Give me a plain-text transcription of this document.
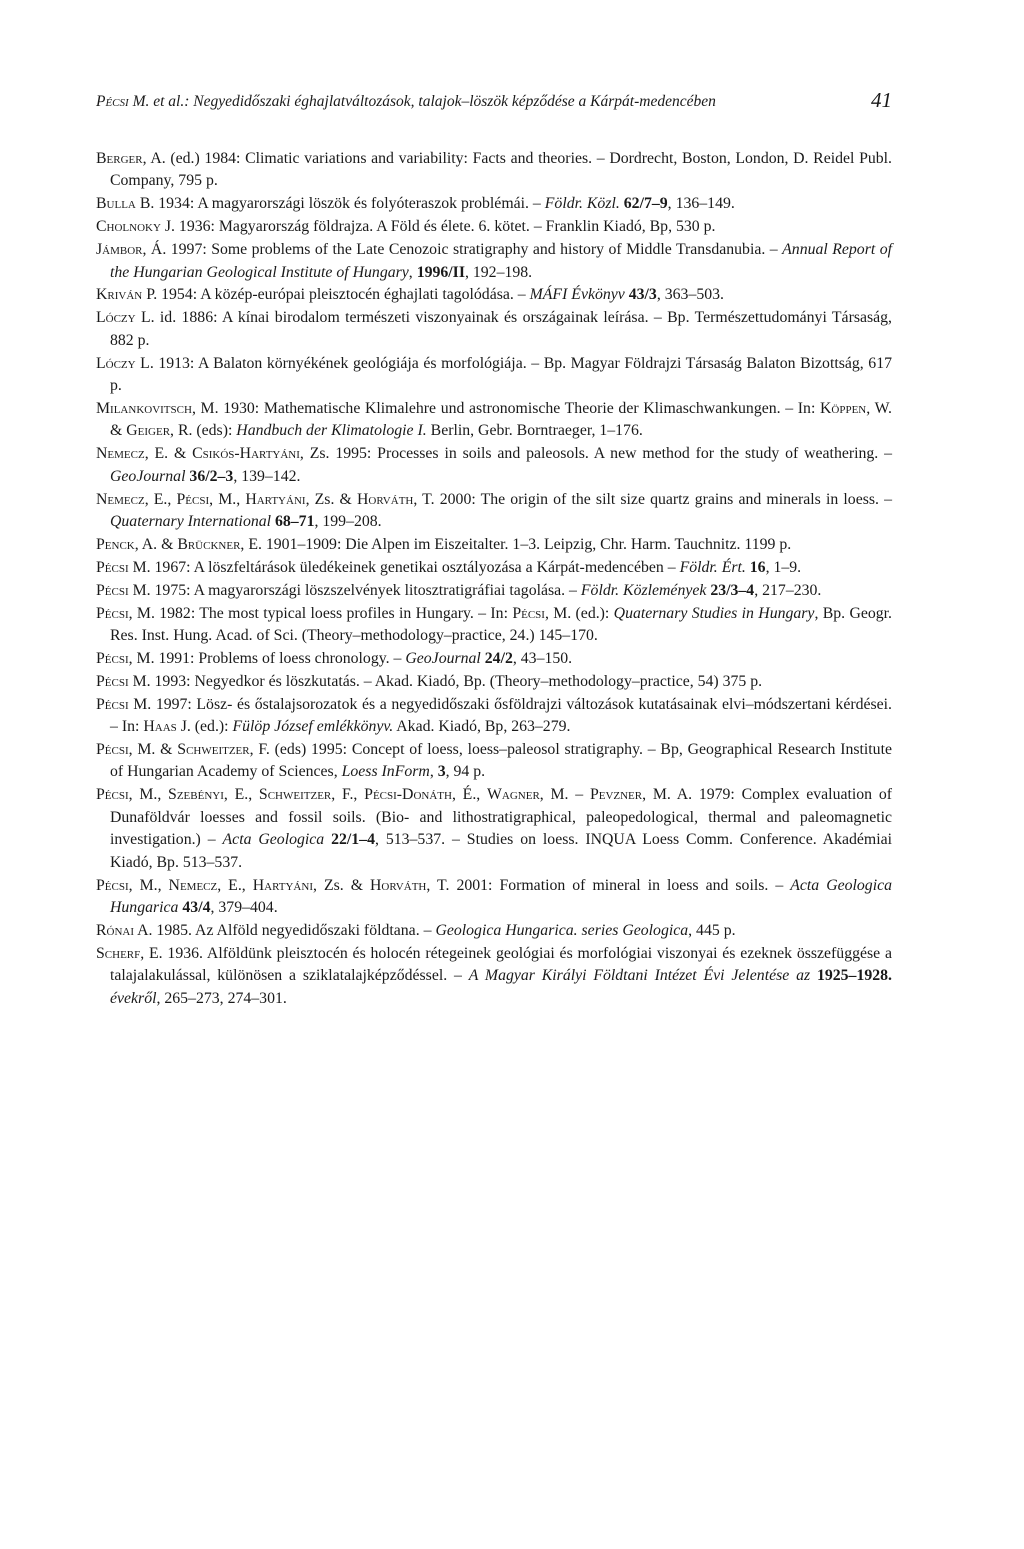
Pécsi M. et al.: Negyedidőszaki éghajlatváltozások, talajok–löszök képződése a Kárpát-medencében	41
Berger, A. (ed.) 1984: Climatic variations and variability: Facts and theories. – Dordrecht, Boston, London, D. Reidel Publ. Company, 795 p.
Bulla B. 1934: A magyarországi löszök és folyóteraszok problémái. – Földr. Közl. 62/7–9, 136–149.
Cholnoky J. 1936: Magyarország földrajza. A Föld és élete. 6. kötet. – Franklin Kiadó, Bp, 530 p.
Jámbor, Á. 1997: Some problems of the Late Cenozoic stratigraphy and history of Middle Transdanubia. – Annual Report of the Hungarian Geological Institute of Hungary, 1996/II, 192–198.
Kriván P. 1954: A közép-európai pleisztocén éghajlati tagolódása. – MÁFI Évkönyv 43/3, 363–503.
Lóczy L. id. 1886: A kínai birodalom természeti viszonyainak és országainak leírása. – Bp. Természettudományi Társaság, 882 p.
Lóczy L. 1913: A Balaton környékének geológiája és morfológiája. – Bp. Magyar Földrajzi Társaság Balaton Bizottság, 617 p.
Milankovitsch, M. 1930: Mathematische Klimalehre und astronomische Theorie der Klimaschwankungen. – In: Köppen, W. & Geiger, R. (eds): Handbuch der Klimatologie I. Berlin, Gebr. Borntraeger, 1–176.
Nemecz, E. & Csikós-Hartyáni, Zs. 1995: Processes in soils and paleosols. A new method for the study of weathering. – GeoJournal 36/2–3, 139–142.
Nemecz, E., Pécsi, M., Hartyáni, Zs. & Horváth, T. 2000: The origin of the silt size quartz grains and minerals in loess. – Quaternary International 68–71, 199–208.
Penck, A. & Brückner, E. 1901–1909: Die Alpen im Eiszeitalter. 1–3. Leipzig, Chr. Harm. Tauchnitz. 1199 p.
Pécsi M. 1967: A löszfeltárások üledékeinek genetikai osztályozása a Kárpát-medencében – Földr. Ért. 16, 1–9.
Pécsi M. 1975: A magyarországi löszszelvények litosztratigráfiai tagolása. – Földr. Közlemények 23/3–4, 217–230.
Pécsi, M. 1982: The most typical loess profiles in Hungary. – In: Pécsi, M. (ed.): Quaternary Studies in Hungary, Bp. Geogr. Res. Inst. Hung. Acad. of Sci. (Theory–methodology–practice, 24.) 145–170.
Pécsi, M. 1991: Problems of loess chronology. – GeoJournal 24/2, 43–150.
Pécsi M. 1993: Negyedkor és löszkutatás. – Akad. Kiadó, Bp. (Theory–methodology–practice, 54) 375 p.
Pécsi M. 1997: Lösz- és őstalajsorozatok és a negyedidőszaki ősföldrajzi változások kutatásainak elvi–módszertani kérdései. – In: Haas J. (ed.): Fülöp József emlékkönyv. Akad. Kiadó, Bp, 263–279.
Pécsi, M. & Schweitzer, F. (eds) 1995: Concept of loess, loess–paleosol stratigraphy. – Bp, Geographical Research Institute of Hungarian Academy of Sciences, Loess InForm, 3, 94 p.
Pécsi, M., Szebényi, E., Schweitzer, F., Pécsi-Donáth, É., Wagner, M. – Pevzner, M. A. 1979: Complex evaluation of Dunaföldvár loesses and fossil soils. (Bio- and lithostratigraphical, paleopedological, thermal and paleomagnetic investigation.) – Acta Geologica 22/1–4, 513–537. – Studies on loess. INQUA Loess Comm. Conference. Akadémiai Kiadó, Bp. 513–537.
Pécsi, M., Nemecz, E., Hartyáni, Zs. & Horváth, T. 2001: Formation of mineral in loess and soils. – Acta Geologica Hungarica 43/4, 379–404.
Rónai A. 1985. Az Alföld negyedidőszaki földtana. – Geologica Hungarica. series Geologica, 445 p.
Scherf, E. 1936. Alföldünk pleisztocén és holocén rétegeinek geológiai és morfológiai viszonyai és ezeknek összefüggése a talajalakulással, különösen a sziklatalajképződéssel. – A Magyar Királyi Földtani Intézet Évi Jelentése az 1925–1928. évekről, 265–273, 274–301.
